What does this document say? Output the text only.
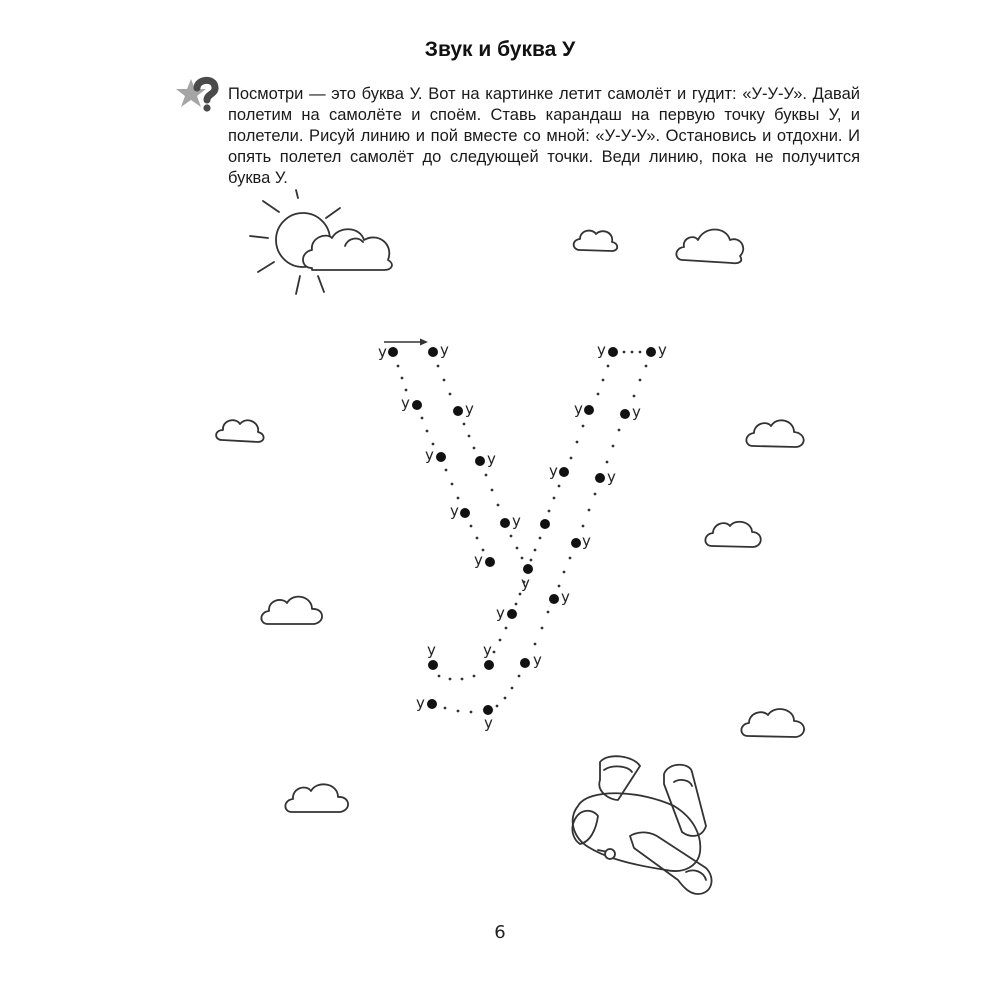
Звук и буква У
Посмотри — это буква У. Вот на картинке летит самолёт и гудит: «У-У-У». Давай полетим на самолёте и споём. Ставь карандаш на первую точку буквы У, и полетели. Рисуй линию и пой вместе со мной: «У-У-У». Остановись и отдохни. И опять полетел самолёт до следующей точки. Веди линию, пока не получится буква У.
у	у
у	у
у	у
у
у
у
у
у
у	у
у
у
у
у	у
у	у
у	у
у
у
6
